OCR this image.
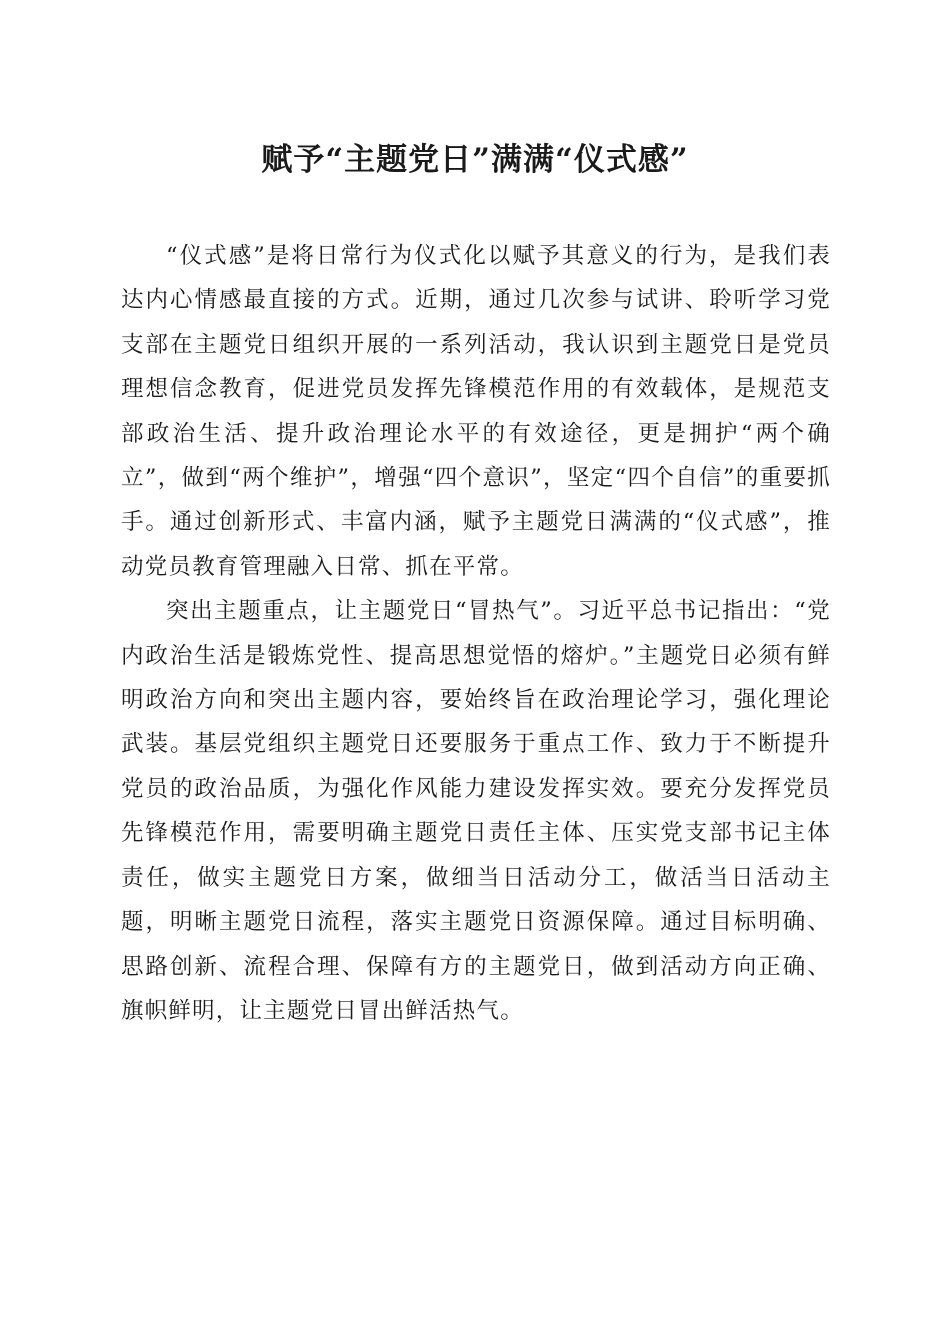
赋予“主题党日”满满“仪式感”

“仪式感”是将日常行为仪式化以赋予其意义的行为，是我们表达内心情感最直接的方式。近期，通过几次参与试讲、聆听学习党支部在主题党日组织开展的一系列活动，我认识到主题党日是党员理想信念教育，促进党员发挥先锋模范作用的有效载体，是规范支部政治生活、提升政治理论水平的有效途径，更是拥护“两个确立”，做到“两个维护”，增强“四个意识”，坚定“四个自信”的重要抓手。通过创新形式、丰富内涵，赋予主题党日满满的“仪式感”，推动党员教育管理融入日常、抓在平常。

突出主题重点，让主题党日“冒热气”。习近平总书记指出：“党内政治生活是锻炼党性、提高思想觉悟的熔炉。”主题党日必须有鲜明政治方向和突出主题内容，要始终旨在政治理论学习，强化理论武装。基层党组织主题党日还要服务于重点工作、致力于不断提升党员的政治品质，为强化作风能力建设发挥实效。要充分发挥党员先锋模范作用，需要明确主题党日责任主体、压实党支部书记主体责任，做实主题党日方案，做细当日活动分工，做活当日活动主题，明晰主题党日流程，落实主题党日资源保障。通过目标明确、思路创新、流程合理、保障有方的主题党日，做到活动方向正确、旗帜鲜明，让主题党日冒出鲜活热气。
